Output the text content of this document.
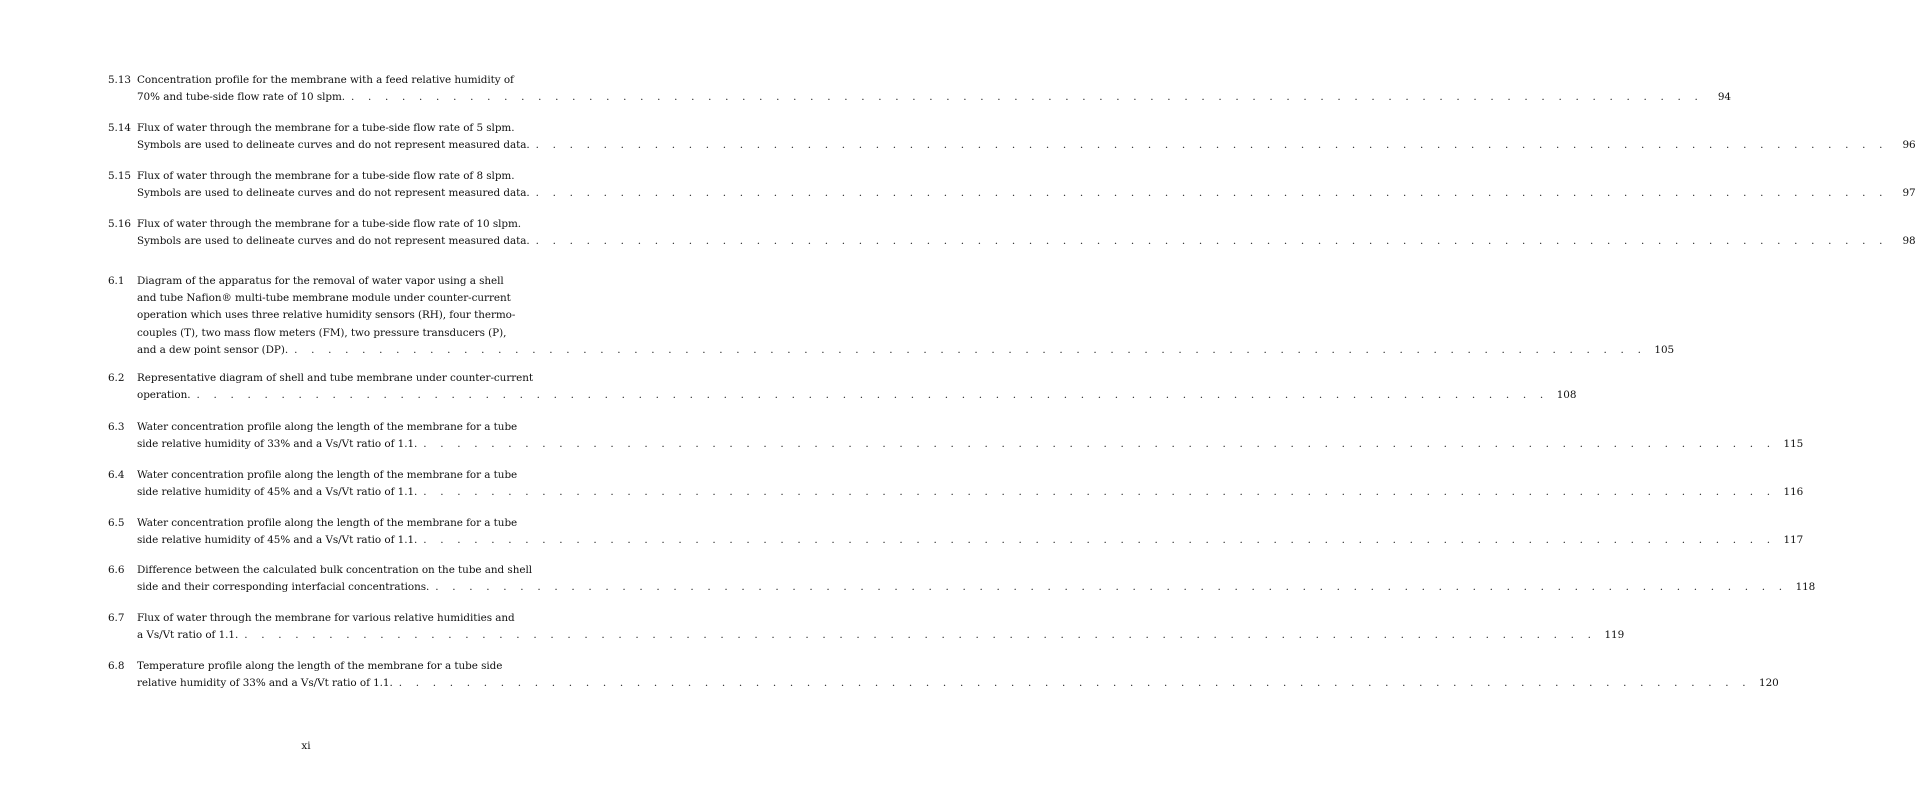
5.13 Concentration profile for the membrane with a feed relative humidity of
70% and tube-side flow rate of 10 slpm. . . . . . . . . . . . . . . . . . . . . . . . . . . . . . . . . . . . . . . . . . . . . . . . . . . . . . . . . . . . . . . . . . . . . . . . . . . . . . . . .	94
5.14 Flux of water through the membrane for a tube-side flow rate of 5 slpm.
Symbols are used to delineate curves and do not represent measured data. . . . . . . . . . . . . . . . . . . . . . . . . . . . . . . . . . . . . . . . . . . . . . . . . . . . . . . . . . . . . . . . . . . . . . . . . . . . . . . . .	96
5.15 Flux of water through the membrane for a tube-side flow rate of 8 slpm.
Symbols are used to delineate curves and do not represent measured data. . . . . . . . . . . . . . . . . . . . . . . . . . . . . . . . . . . . . . . . . . . . . . . . . . . . . . . . . . . . . . . . . . . . . . . . . . . . . . . . .	97
5.16 Flux of water through the membrane for a tube-side flow rate of 10 slpm.
Symbols are used to delineate curves and do not represent measured data. . . . . . . . . . . . . . . . . . . . . . . . . . . . . . . . . . . . . . . . . . . . . . . . . . . . . . . . . . . . . . . . . . . . . . . . . . . . . . . . .	98
6.1	Diagram of the apparatus for the removal of water vapor using a shell
and tube Nafion® multi-tube membrane module under counter-current
operation which uses three relative humidity sensors (RH), four thermo-
couples (T), two mass flow meters (FM), two pressure transducers (P),
and a dew point sensor (DP). . . . . . . . . . . . . . . . . . . . . . . . . . . . . . . . . . . . . . . . . . . . . . . . . . . . . . . . . . . . . . . . . . . . . . . . . . . . . . . . . 105
6.2	Representative diagram of shell and tube membrane under counter-current
operation. . . . . . . . . . . . . . . . . . . . . . . . . . . . . . . . . . . . . . . . . . . . . . . . . . . . . . . . . . . . . . . . . . . . . . . . . . . . . . . . . 108
6.3	Water concentration profile along the length of the membrane for a tube
side relative humidity of 33% and a Vs/Vt ratio of 1.1. . . . . . . . . . . . . . . . . . . . . . . . . . . . . . . . . . . . . . . . . . . . . . . . . . . . . . . . . . . . . . . . . . . . . . . . . . . . . . . . . 115
6.4	Water concentration profile along the length of the membrane for a tube
side relative humidity of 45% and a Vs/Vt ratio of 1.1. . . . . . . . . . . . . . . . . . . . . . . . . . . . . . . . . . . . . . . . . . . . . . . . . . . . . . . . . . . . . . . . . . . . . . . . . . . . . . . . . 116
6.5	Water concentration profile along the length of the membrane for a tube
side relative humidity of 45% and a Vs/Vt ratio of 1.1. . . . . . . . . . . . . . . . . . . . . . . . . . . . . . . . . . . . . . . . . . . . . . . . . . . . . . . . . . . . . . . . . . . . . . . . . . . . . . . . . 117
6.6	Difference between the calculated bulk concentration on the tube and shell
side and their corresponding interfacial concentrations. . . . . . . . . . . . . . . . . . . . . . . . . . . . . . . . . . . . . . . . . . . . . . . . . . . . . . . . . . . . . . . . . . . . . . . . . . . . . . . . . 118
6.7	Flux of water through the membrane for various relative humidities and
a Vs/Vt ratio of 1.1. . . . . . . . . . . . . . . . . . . . . . . . . . . . . . . . . . . . . . . . . . . . . . . . . . . . . . . . . . . . . . . . . . . . . . . . . . . . . . . . . 119
6.8	Temperature profile along the length of the membrane for a tube side
relative humidity of 33% and a Vs/Vt ratio of 1.1. . . . . . . . . . . . . . . . . . . . . . . . . . . . . . . . . . . . . . . . . . . . . . . . . . . . . . . . . . . . . . . . . . . . . . . . . . . . . . . . . 120
xi
